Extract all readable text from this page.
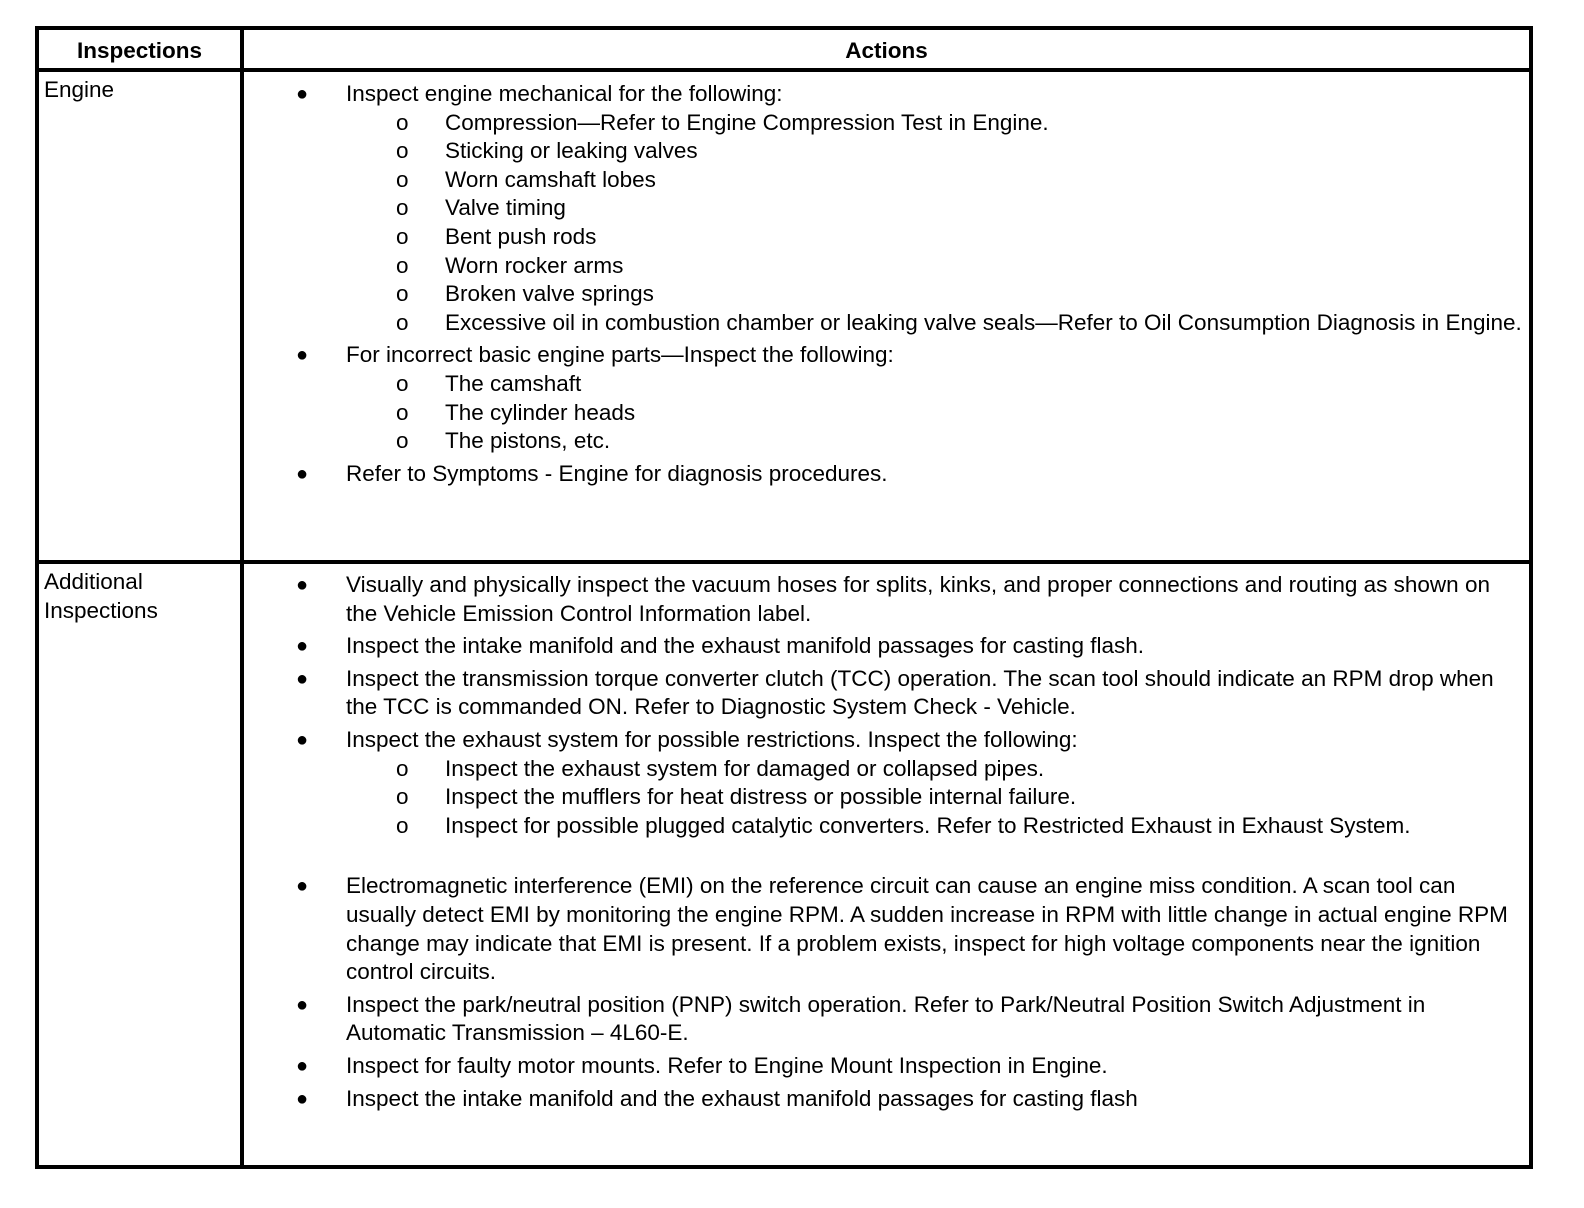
Inspections	Actions
Engine	● Inspect engine mechanical for the following:
o Compression—Refer to Engine Compression Test in Engine.
o Sticking or leaking valves
o Worn camshaft lobes
o Valve timing
o Bent push rods
o Worn rocker arms
o Broken valve springs
o Excessive oil in combustion chamber or leaking valve seals—Refer to Oil Consumption Diagnosis in Engine.
● For incorrect basic engine parts—Inspect the following:
o The camshaft
o The cylinder heads
o The pistons, etc.
● Refer to Symptoms - Engine for diagnosis procedures.
Additional Inspections
● Visually and physically inspect the vacuum hoses for splits, kinks, and proper connections and routing as shown on the Vehicle Emission Control Information label.
● Inspect the intake manifold and the exhaust manifold passages for casting flash.
● Inspect the transmission torque converter clutch (TCC) operation. The scan tool should indicate an RPM drop when the TCC is commanded ON. Refer to Diagnostic System Check - Vehicle.
● Inspect the exhaust system for possible restrictions. Inspect the following:
o Inspect the exhaust system for damaged or collapsed pipes.
o Inspect the mufflers for heat distress or possible internal failure.
o Inspect for possible plugged catalytic converters. Refer to Restricted Exhaust in Exhaust System.
● Electromagnetic interference (EMI) on the reference circuit can cause an engine miss condition. A scan tool can usually detect EMI by monitoring the engine RPM. A sudden increase in RPM with little change in actual engine RPM change may indicate that EMI is present. If a problem exists, inspect for high voltage components near the ignition control circuits.
● Inspect the park/neutral position (PNP) switch operation. Refer to Park/Neutral Position Switch Adjustment in Automatic Transmission – 4L60-E.
● Inspect for faulty motor mounts. Refer to Engine Mount Inspection in Engine.
● Inspect the intake manifold and the exhaust manifold passages for casting flash
